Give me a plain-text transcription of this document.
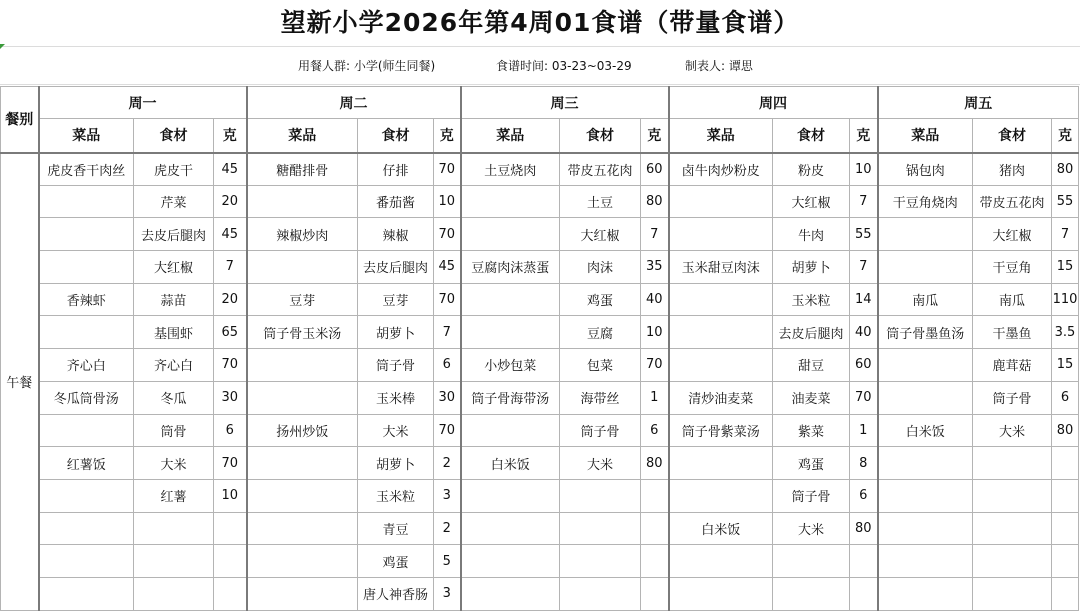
望新小学2026年第4周01食谱（带量食谱）
用餐人群: 小学(师生同餐)	食谱时间: 03-23~03-29	制表人: 谭思
餐别	周一			周二			周三			周四			周五		
	菜品	食材	克	菜品	食材	克	菜品	食材	克	菜品	食材	克	菜品	食材	克
午餐	虎皮香干肉丝	虎皮干	45	糖醋排骨	仔排	70	土豆烧肉	带皮五花肉	60	卤牛肉炒粉皮	粉皮	10	锅包肉	猪肉	80
		芹菜	20		番茄酱	10		土豆	80		大红椒	7	干豆角烧肉	带皮五花肉	55
		去皮后腿肉	45	辣椒炒肉	辣椒	70		大红椒	7		牛肉	55		大红椒	7
		大红椒	7		去皮后腿肉	45	豆腐肉沫蒸蛋	肉沫	35	玉米甜豆肉沫	胡萝卜	7		干豆角	15
	香辣虾	蒜苗	20	豆芽	豆芽	70		鸡蛋	40		玉米粒	14	南瓜	南瓜	110
		基围虾	65	筒子骨玉米汤	胡萝卜	7		豆腐	10		去皮后腿肉	40	筒子骨墨鱼汤	干墨鱼	3.5
	齐心白	齐心白	70		筒子骨	6	小炒包菜	包菜	70		甜豆	60		鹿茸菇	15
	冬瓜筒骨汤	冬瓜	30		玉米棒	30	筒子骨海带汤	海带丝	1	清炒油麦菜	油麦菜	70		筒子骨	6
		筒骨	6	扬州炒饭	大米	70		筒子骨	6	筒子骨紫菜汤	紫菜	1	白米饭	大米	80
	红薯饭	大米	70		胡萝卜	2	白米饭	大米	80		鸡蛋	8			
		红薯	10		玉米粒	3					筒子骨	6			
					青豆	2				白米饭	大米	80			
					鸡蛋	5									
					唐人神香肠	3									
